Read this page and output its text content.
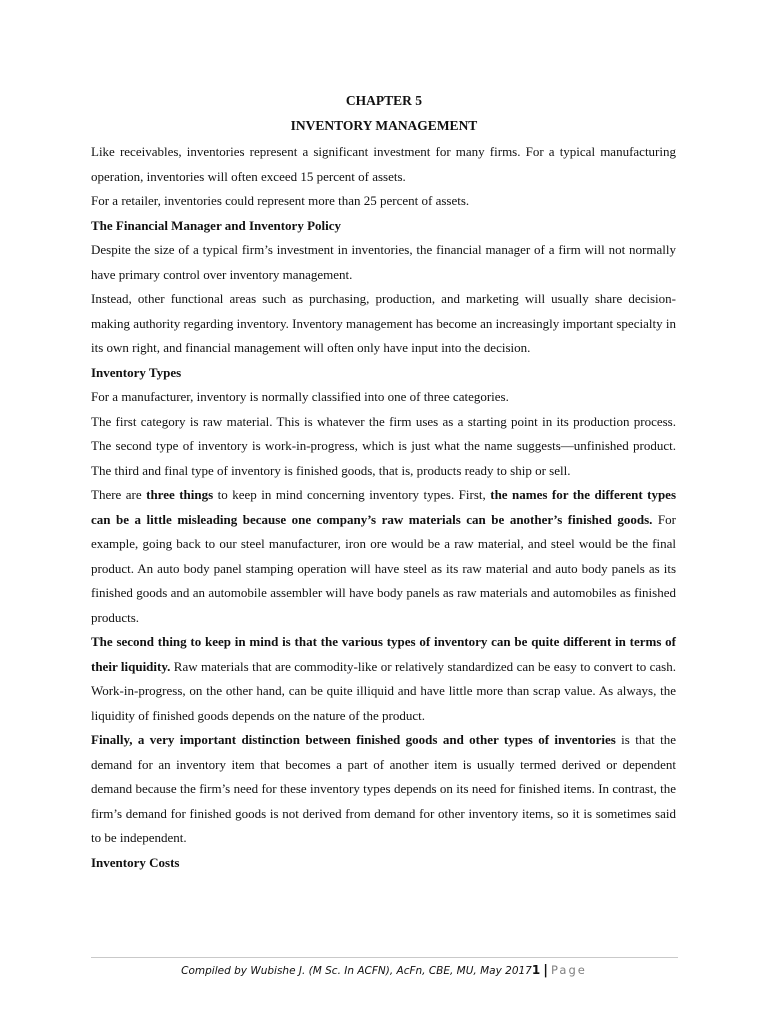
CHAPTER 5
INVENTORY MANAGEMENT

Like receivables, inventories represent a significant investment for many firms. For a typical manufacturing operation, inventories will often exceed 15 percent of assets.

For a retailer, inventories could represent more than 25 percent of assets.

The Financial Manager and Inventory Policy

Despite the size of a typical firm’s investment in inventories, the financial manager of a firm will not normally have primary control over inventory management.

Instead, other functional areas such as purchasing, production, and marketing will usually share decision-making authority regarding inventory. Inventory management has become an increasingly important specialty in its own right, and financial management will often only have input into the decision.

Inventory Types

For a manufacturer, inventory is normally classified into one of three categories.

The first category is raw material. This is whatever the firm uses as a starting point in its production process. The second type of inventory is work-in-progress, which is just what the name suggests—unfinished product. The third and final type of inventory is finished goods, that is, products ready to ship or sell.

There are three things to keep in mind concerning inventory types. First, the names for the different types can be a little misleading because one company’s raw materials can be another’s finished goods. For example, going back to our steel manufacturer, iron ore would be a raw material, and steel would be the final product. An auto body panel stamping operation will have steel as its raw material and auto body panels as its finished goods and an automobile assembler will have body panels as raw materials and automobiles as finished products.

The second thing to keep in mind is that the various types of inventory can be quite different in terms of their liquidity. Raw materials that are commodity-like or relatively standardized can be easy to convert to cash. Work-in-progress, on the other hand, can be quite illiquid and have little more than scrap value. As always, the liquidity of finished goods depends on the nature of the product.

Finally, a very important distinction between finished goods and other types of inventories is that the demand for an inventory item that becomes a part of another item is usually termed derived or dependent demand because the firm’s need for these inventory types depends on its need for finished items. In contrast, the firm’s demand for finished goods is not derived from demand for other inventory items, so it is sometimes said to be independent.

Inventory Costs

Compiled by Wubishe J. (M Sc. In ACFN), AcFn, CBE, MU, May 20171 | Page
